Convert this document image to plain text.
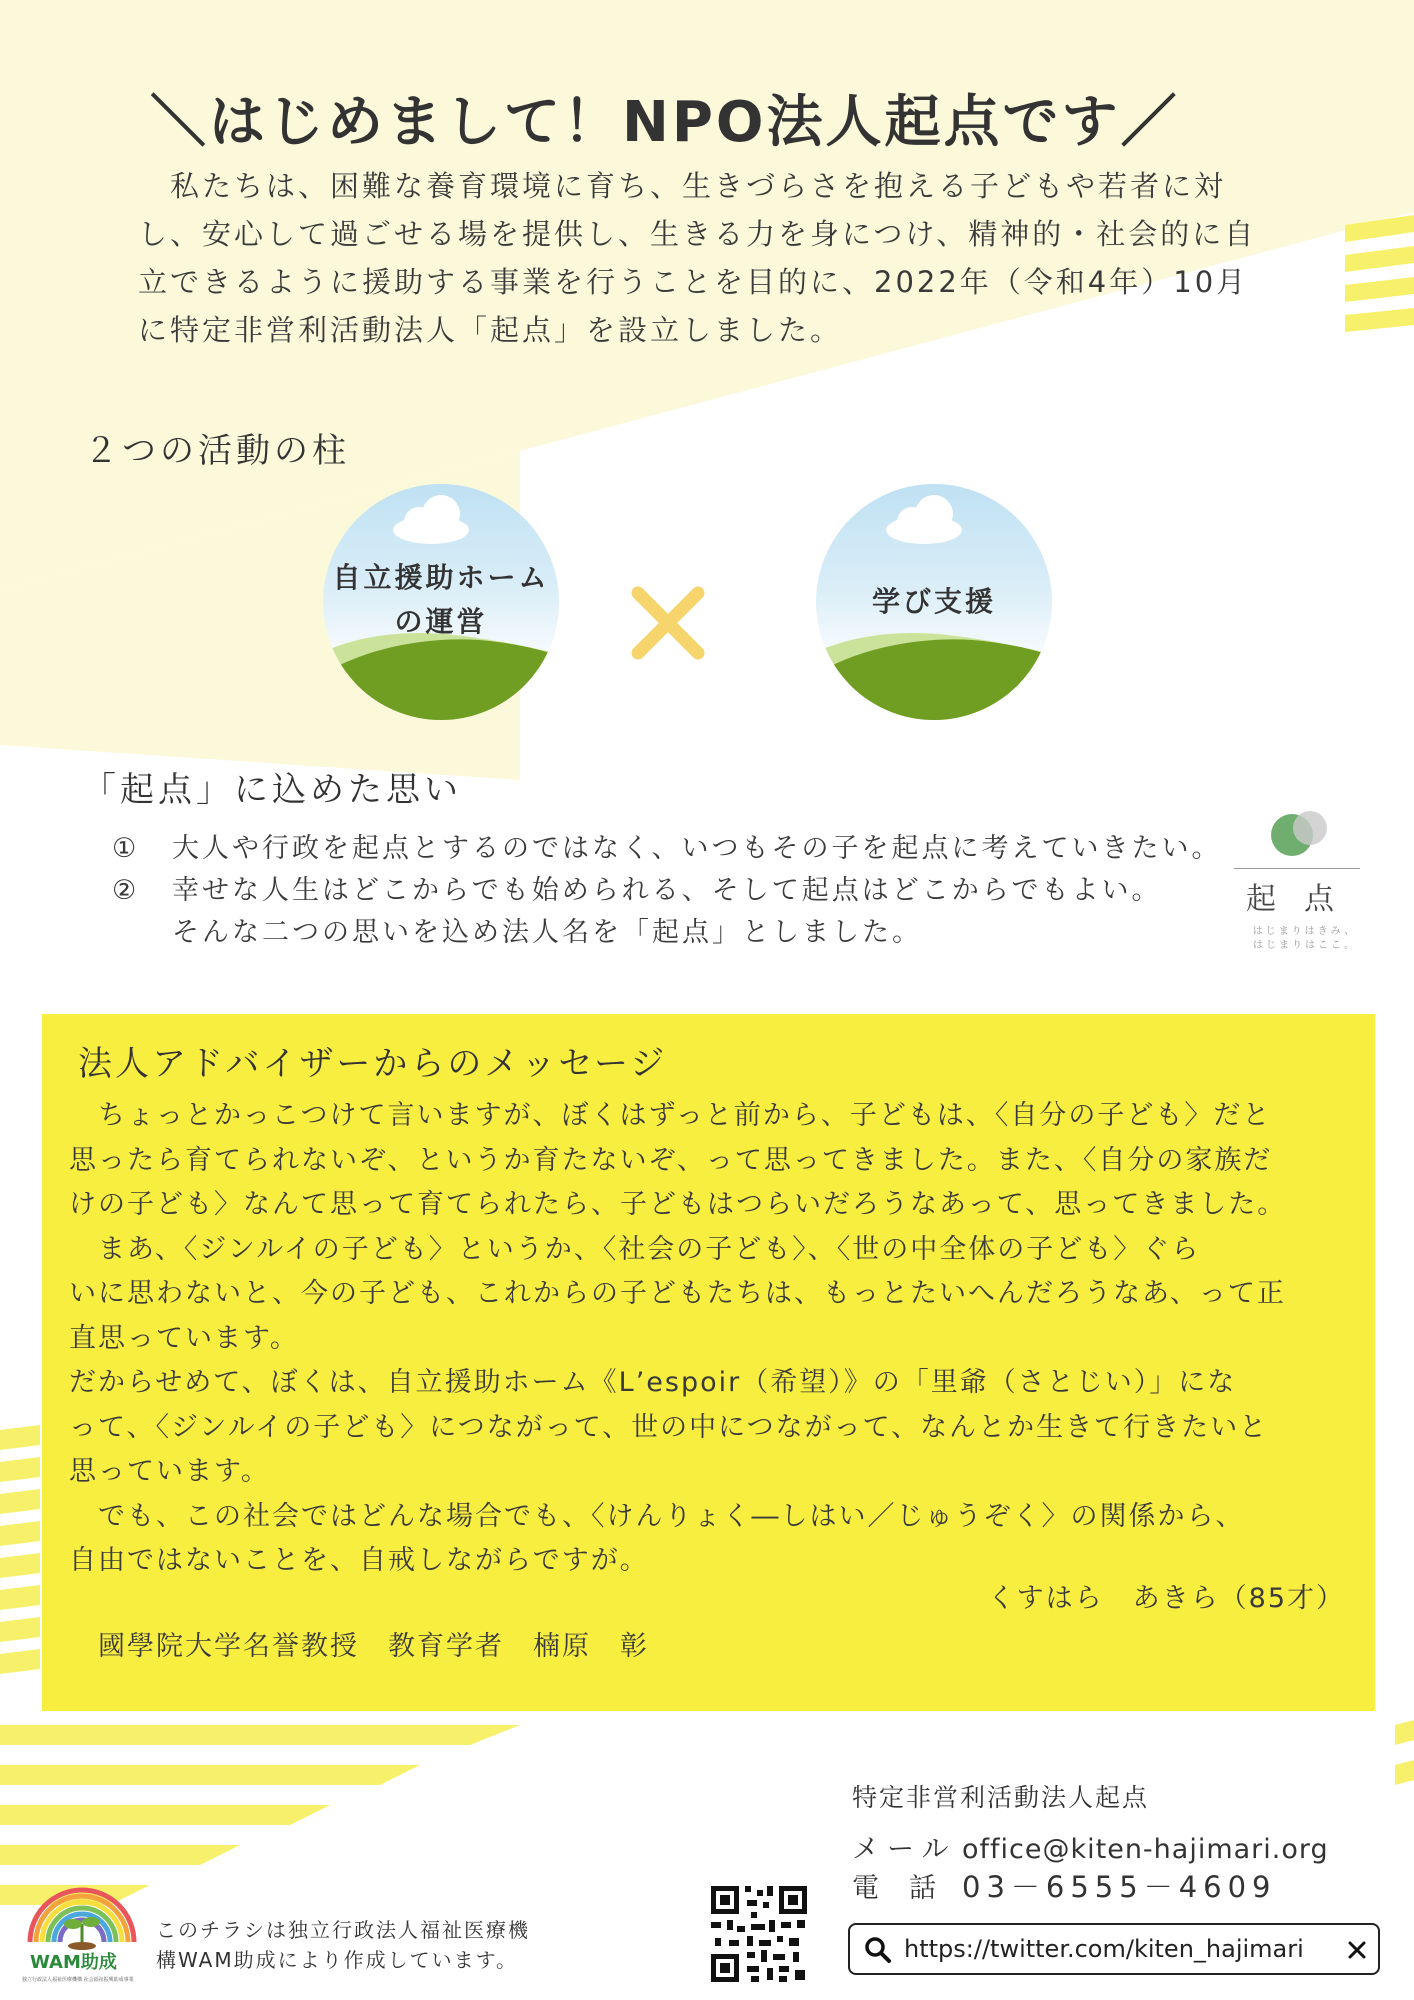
＼はじめまして！NPO法人起点です／

　私たちは、困難な養育環境に育ち、生きづらさを抱える子どもや若者に対

し、安心して過ごせる場を提供し、生きる力を身につけ、精神的・社会的に自

立できるように援助する事業を行うことを目的に、2022年（令和4年）10月

に特定非営利活動法人「起点」を設立しました。

２つの活動の柱
自立援助ホーム
の運営
学び支援
「起点」に込めた思い
① 大人や行政を起点とするのではなく、いつもその子を起点に考えていきたい。
② 幸せな人生はどこからでも始められる、そして起点はどこからでもよい。
そんな二つの思いを込め法人名を「起点」としました。
起点
はじまりはきみ、
はじまりはここ。
法人アドバイザーからのメッセージ

　ちょっとかっこつけて言いますが、ぼくはずっと前から、子どもは、〈自分の子ども〉だと

思ったら育てられないぞ、というか育たないぞ、って思ってきました。また、〈自分の家族だ

けの子ども〉なんて思って育てられたら、子どもはつらいだろうなあって、思ってきました。

　まあ、〈ジンルイの子ども〉というか、〈社会の子ども〉、〈世の中全体の子ども〉ぐら

いに思わないと、今の子ども、これからの子どもたちは、もっとたいへんだろうなあ、って正

直思っています。

だからせめて、ぼくは、自立援助ホーム《L’espoir（希望）》の「里爺（さとじい）」にな

って、〈ジンルイの子ども〉につながって、世の中につながって、なんとか生きて行きたいと

思っています。

　でも、この社会ではどんな場合でも、〈けんりょく―しはい／じゅうぞく〉の関係から、

自由ではないことを、自戒しながらですが。

くすはら　あきら（85才）
國學院大学名誉教授　教育学者　楠原　彰
特定非営利活動法人起点
メール office@kiten-hajimari.org
電話03－6555－4609
https://twitter.com/kiten_hajimari
WAM助成
独立行政法人福祉医療機構 社会福祉振興助成事業

このチラシは独立行政法人福祉医療機

構WAM助成により作成しています。
